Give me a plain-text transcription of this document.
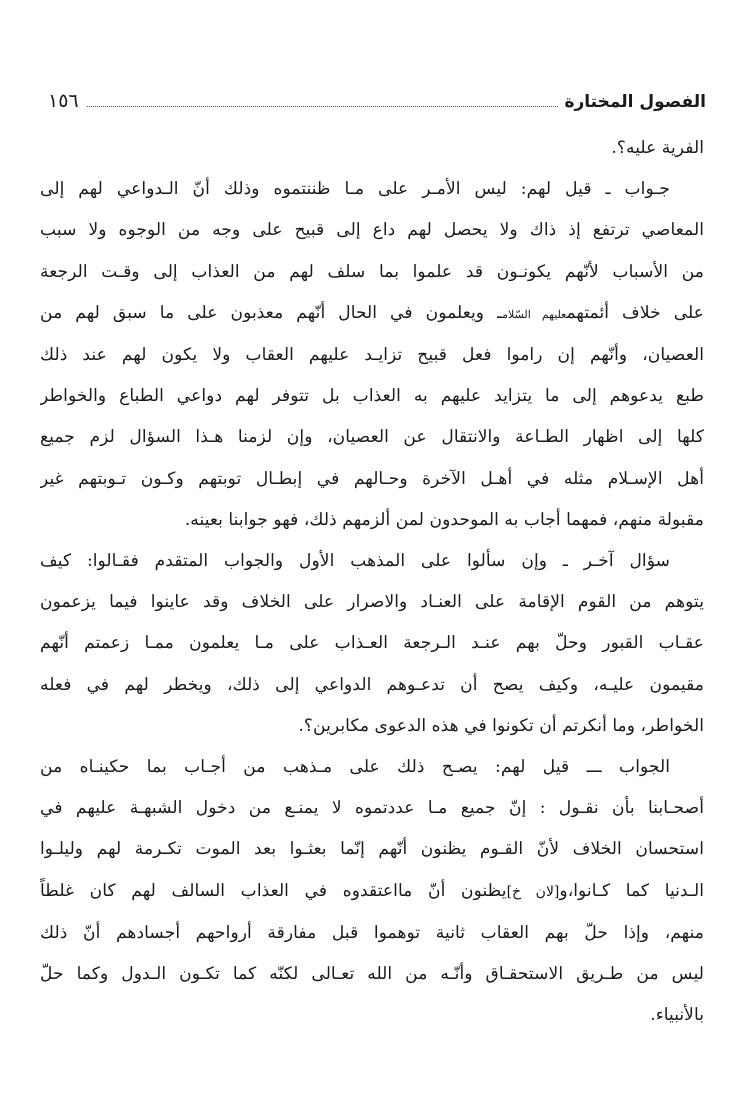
الفصول المختارة
١٥٦
الفرية عليه؟.
جـواب ـ قيل لهم: ليس الأمـر على مـا ظننتموه وذلك أنّ الـدواعي لهم إلى
المعاصي ترتفع إذ ذاك ولا يحصل لهم داع إلى قبيح على وجه من الوجوه ولا سبب
من الأسباب لأنّهم يكونـون قد علموا بما سلف لهم من العذاب إلى وقـت الرجعة
على خلاف أئمتهمعليهم السّلامـ ويعلمون في الحال أنّهم معذبون على ما سبق لهم من
العصيان، وأنّهم إن راموا فعل قبيح تزايـد عليهم العقاب ولا يكون لهم عند ذلك
طبع يدعوهم إلى ما يتزايد عليهم به العذاب بل تتوفر لهم دواعي الطباع والخواطر
كلها إلى اظهار الطـاعة والانتقال عن العصيان، وإن لزمنا هـذا السؤال لزم جميع
أهل الإسـلام مثله في أهـل الآخرة وحـالهم في إبطـال توبتهم وكـون تـوبتهم غير
مقبولة منهم، فمهما أجاب به الموحدون لمن ألزمهم ذلك، فهو جوابنا بعينه.
سؤال آخـر ـ وإن سألوا على المذهب الأول والجواب المتقدم فقـالوا: كيف
يتوهم من القوم الإقامة على العنـاد والاصرار على الخلاف وقد عاينوا فيما يزعمون
عقـاب القبور وحلّ بهم عنـد الـرجعة العـذاب على مـا يعلمون ممـا زعمتم أنّهم
مقيمون عليـه، وكيف يصح أن تدعـوهم الدواعي إلى ذلك، ويخطر لهم في فعله
الخواطر، وما أنكرتم أن تكونوا في هذه الدعوى مكابرين؟.
الجواب ـــ قيل لهم: يصـح ذلك على مـذهب من أجـاب بما حكينـاه من
أصحـابنا بأن نقـول : إنّ جميع مـا عددتموه لا يمنـع من دخول الشبهـة عليهم في
استحسان الخلاف لأنّ القـوم يظنون أنّهم إنّما بعثـوا بعد الموت تكـرمة لهم وليلـوا
الـدنيا كما كـانوا،و[لان خ]يظنون أنّ مااعتقدوه في العذاب السالف لهم كان غلطاً
منهم، وإذا حلّ بهم العقاب ثانية توهموا قبل مفارقة أرواحهم أجسادهم أنّ ذلك
ليس من طـريق الاستحقـاق وأنّـه من الله تعـالى لكنّه كما تكـون الـدول وكما حلّ
بالأنبياء.
